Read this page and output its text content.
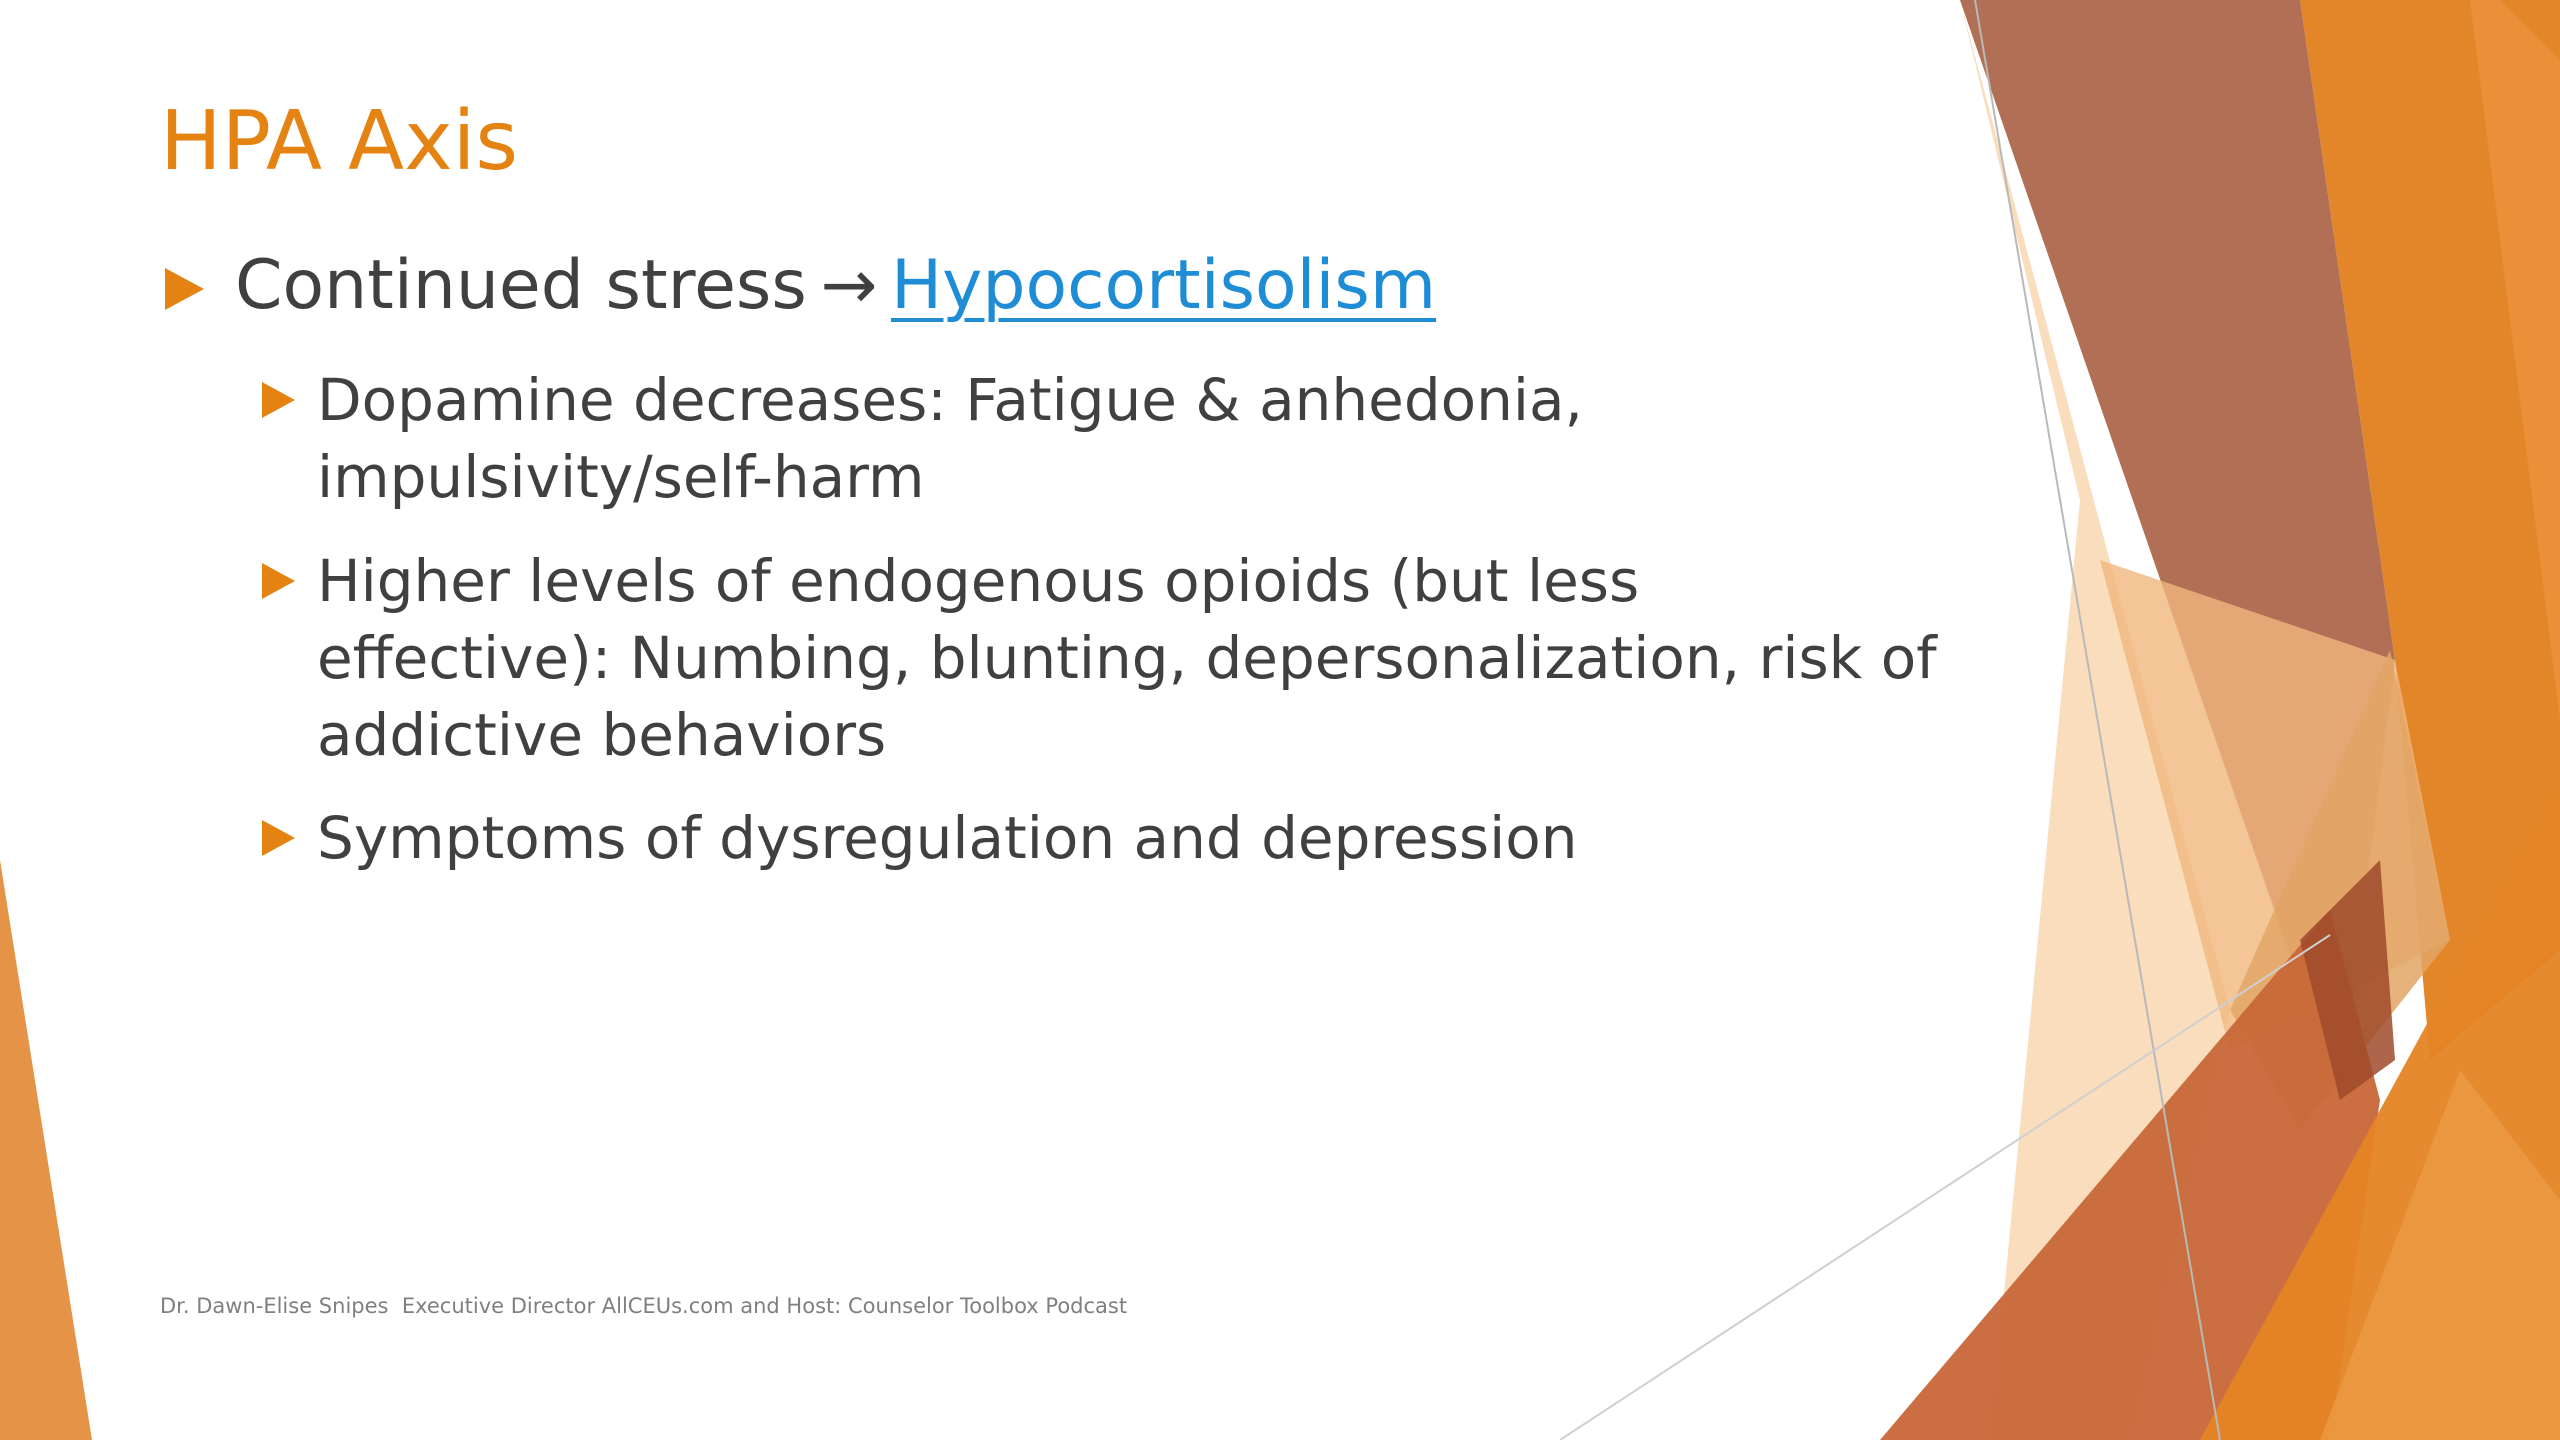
HPA Axis
Continued stress → Hypocortisolism
Dopamine decreases: Fatigue & anhedonia, impulsivity/self-harm
Higher levels of endogenous opioids (but less effective): Numbing, blunting, depersonalization, risk of addictive behaviors
Symptoms of dysregulation and depression
Dr. Dawn-Elise Snipes  Executive Director AllCEUs.com and Host: Counselor Toolbox Podcast
